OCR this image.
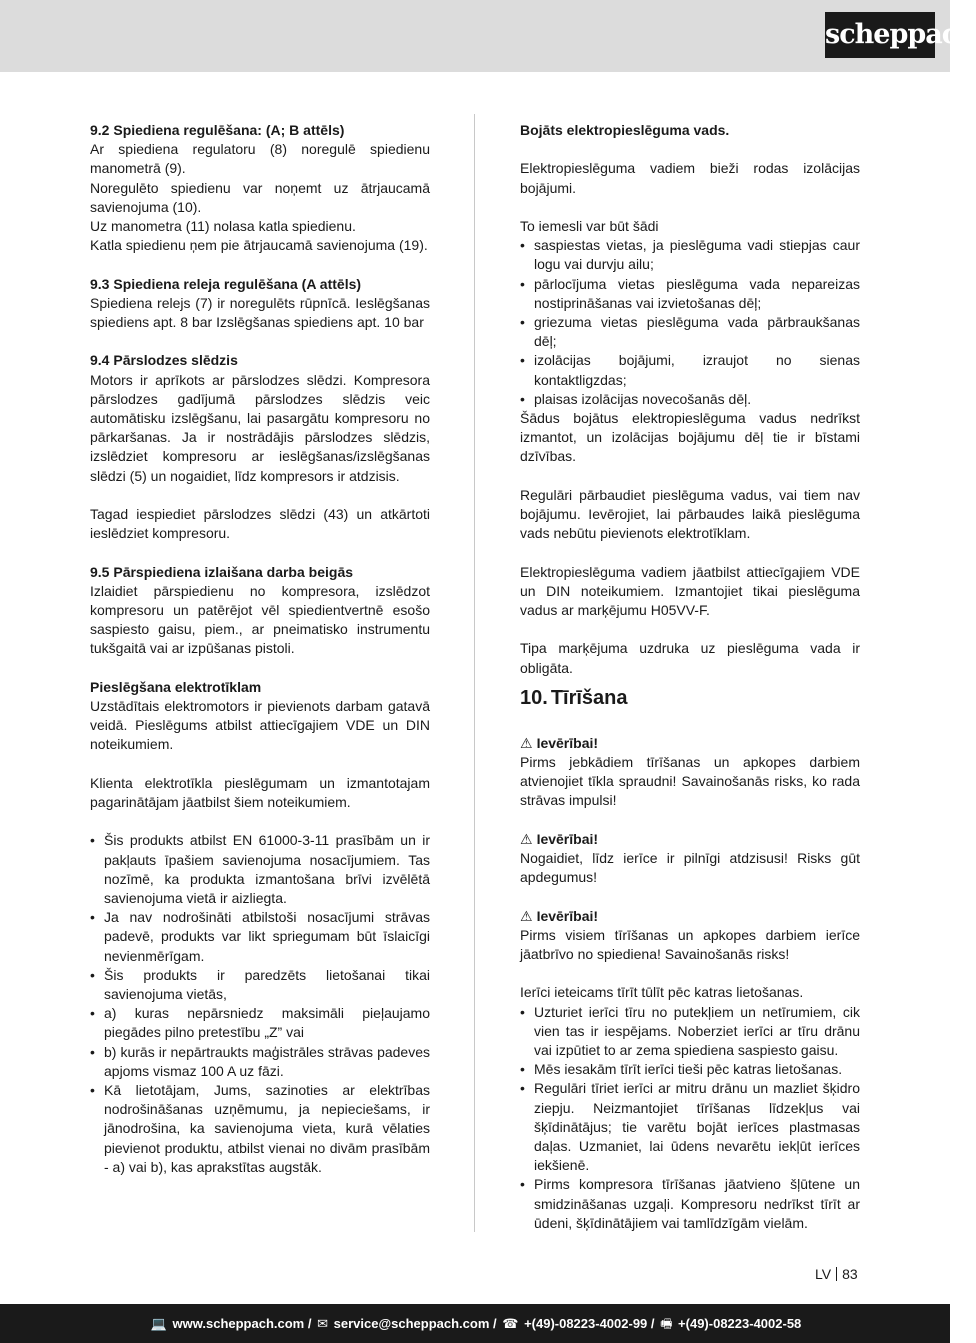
scheppach
9.2 Spiediena regulēšana: (A; B attēls)

Ar spiediena regulatoru (8) noregulē spiedienu manometrā (9).

Noregulēto spiedienu var noņemt uz ātrjaucamā savienojuma (10).

Uz manometra (11) nolasa katla spiedienu.

Katla spiedienu ņem pie ātrjaucamā savienojuma (19).

9.3 Spiediena releja regulēšana (A attēls)

Spiediena relejs (7) ir noregulēts rūpnīcā. Ieslēgšanas spiediens apt. 8 bar Izslēgšanas spiediens apt. 10 bar

9.4 Pārslodzes slēdzis

Motors ir aprīkots ar pārslodzes slēdzi. Kompresora pārslodzes gadījumā pārslodzes slēdzis veic automātisku izslēgšanu, lai pasargātu kompresoru no pārkaršanas. Ja ir nostrādājis pārslodzes slēdzis, izslēdziet kompresoru ar ieslēgšanas/izslēgšanas slēdzi (5) un nogaidiet, līdz kompresors ir atdzisis.

Tagad iespiediet pārslodzes slēdzi (43) un atkārtoti ieslēdziet kompresoru.

9.5 Pārspiediena izlaišana darba beigās

Izlaidiet pārspiedienu no kompresora, izslēdzot kompresoru un patērējot vēl spiedientvertnē esošo saspiesto gaisu, piem., ar pneimatisko instrumentu tukšgaitā vai ar izpūšanas pistoli.

Pieslēgšana elektrotīklam

Uzstādītais elektromotors ir pievienots darbam gatavā veidā. Pieslēgums atbilst attiecīgajiem VDE un DIN noteikumiem.

Klienta elektrotīkla pieslēgumam un izmantotajam pagarinātājam jāatbilst šiem noteikumiem.

• Šis produkts atbilst EN 61000-3-11 prasībām un ir pakļauts īpašiem savienojuma nosacījumiem. Tas nozīmē, ka produkta izmantošana brīvi izvēlētā savienojuma vietā ir aizliegta.
• Ja nav nodrošināti atbilstoši nosacījumi strāvas padevē, produkts var likt spriegumam būt īslaicīgi nevienmērīgam.
• Šis produkts ir paredzēts lietošanai tikai savienojuma vietās,
• a) kuras nepārsniedz maksimāli pieļaujamo piegādes pilno pretestību „Z” vai
• b) kurās ir nepārtraukts maģistrāles strāvas padeves apjoms vismaz 100 A uz fāzi.
• Kā lietotājam, Jums, sazinoties ar elektrības nodrošināšanas uzņēmumu, ja nepieciešams, ir jānodrošina, ka savienojuma vieta, kurā vēlaties pievienot produktu, atbilst vienai no divām prasībām - a) vai b), kas aprakstītas augstāk.
Bojāts elektropieslēguma vads.

Elektropieslēguma vadiem bieži rodas izolācijas bojājumi.

To iemesli var būt šādi

• saspiestas vietas, ja pieslēguma vadi stiepjas caur logu vai durvju ailu;
• pārlocījuma vietas pieslēguma vada nepareizas nostiprināšanas vai izvietošanas dēļ;
• griezuma vietas pieslēguma vada pārbraukšanas dēļ;
• izolācijas bojājumi, izraujot no sienas kontaktligzdas;
• plaisas izolācijas novecošanās dēļ.

Šādus bojātus elektropieslēguma vadus nedrīkst izmantot, un izolācijas bojājumu dēļ tie ir bīstami dzīvības.

Regulāri pārbaudiet pieslēguma vadus, vai tiem nav bojājumu. Ievērojiet, lai pārbaudes laikā pieslēguma vads nebūtu pievienots elektrotīklam.

Elektropieslēguma vadiem jāatbilst attiecīgajiem VDE un DIN noteikumiem. Izmantojiet tikai pieslēguma vadus ar marķējumu H05VV-F.

Tipa marķējuma uzdruka uz pieslēguma vada ir obligāta.

10. Tīrīšana
⚠ Ievērībai!

Pirms jebkādiem tīrīšanas un apkopes darbiem atvienojiet tīkla spraudni! Savainošanās risks, ko rada strāvas impulsi!

⚠ Ievērībai!

Nogaidiet, līdz ierīce ir pilnīgi atdzisusi! Risks gūt apdegumus!

⚠ Ievērībai!

Pirms visiem tīrīšanas un apkopes darbiem ierīce jāatbrīvo no spiediena! Savainošanās risks!

Ierīci ieteicams tīrīt tūlīt pēc katras lietošanas.

• Uzturiet ierīci tīru no putekļiem un netīrumiem, cik vien tas ir iespējams. Noberziet ierīci ar tīru drānu vai izpūtiet to ar zema spiediena saspiesto gaisu.
• Mēs iesakām tīrīt ierīci tieši pēc katras lietošanas.
• Regulāri tīriet ierīci ar mitru drānu un mazliet šķidro ziepju. Neizmantojiet tīrīšanas līdzekļus vai šķīdinātājus; tie varētu bojāt ierīces plastmasas daļas. Uzmaniet, lai ūdens nevarētu iekļūt ierīces iekšienē.
• Pirms kompresora tīrīšanas jāatvieno šļūtene un smidzināšanas uzgaļi. Kompresoru nedrīkst tīrīt ar ūdeni, šķīdinātājiem vai tamlīdzīgām vielām.
LV 83
💻 www.scheppach.com / ✉ service@scheppach.com / ☎ +(49)-08223-4002-99 / 🖷 +(49)-08223-4002-58
